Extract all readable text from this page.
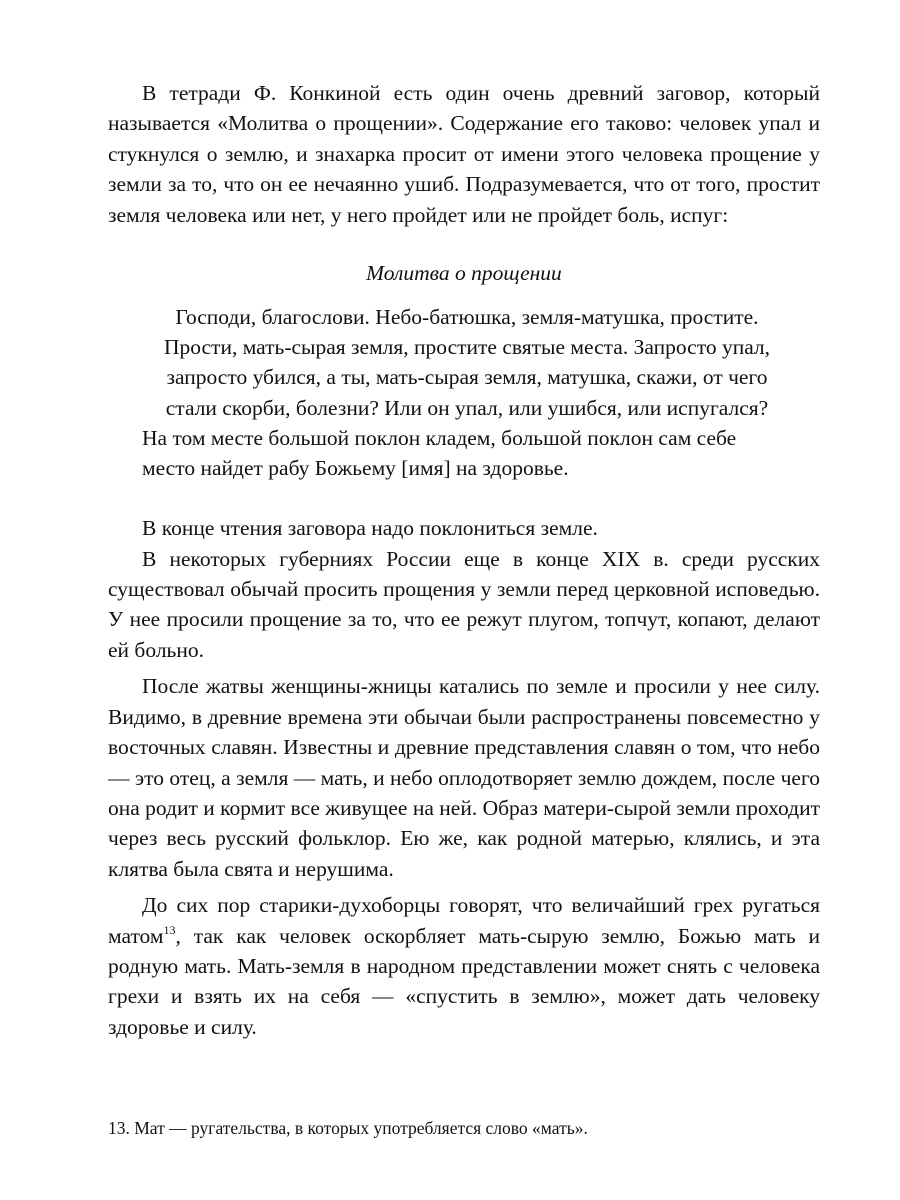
В тетради Ф. Конкиной есть один очень древний заговор, который называется «Молитва о прощении». Содержание его таково: человек упал и стукнулся о землю, и знахарка просит от имени этого человека прощение у земли за то, что он ее нечаянно ушиб. Подразумевается, что от того, простит земля человека или нет, у него пройдет или не пройдет боль, испуг:

Молитва о прощении

Господи, благослови. Небо-батюшка, земля-матушка, простите.
Прости, мать-сырая земля, простите святые места. Запросто упал,
запросто убился, а ты, мать-сырая земля, матушка, скажи, от чего
стали скорби, болезни? Или он упал, или ушибся, или испугался?
На том месте большой поклон кладем, большой поклон сам себе
место найдет рабу Божьему [имя] на здоровье.

В конце чтения заговора надо поклониться земле.

В некоторых губерниях России еще в конце XIX в. среди русских существовал обычай просить прощения у земли перед церковной исповедью. У нее просили прощение за то, что ее режут плугом, топчут, копают, делают ей больно.

После жатвы женщины-жницы катались по земле и просили у нее силу. Видимо, в древние времена эти обычаи были распространены повсеместно у восточных славян. Известны и древние представления славян о том, что небо — это отец, а земля — мать, и небо оплодотворяет землю дождем, после чего она родит и кормит все живущее на ней. Образ матери-сырой земли проходит через весь русский фольклор. Ею же, как родной матерью, клялись, и эта клятва была свята и нерушима.

До сих пор старики-духоборцы говорят, что величайший грех ругаться матом$^{13}$, так как человек оскорбляет мать-сырую землю, Божью мать и родную мать. Мать-земля в народном представлении может снять с человека грехи и взять их на себя — «спустить в землю», может дать человеку здоровье и силу.

13. Мат — ругательства, в которых употребляется слово «мать».
